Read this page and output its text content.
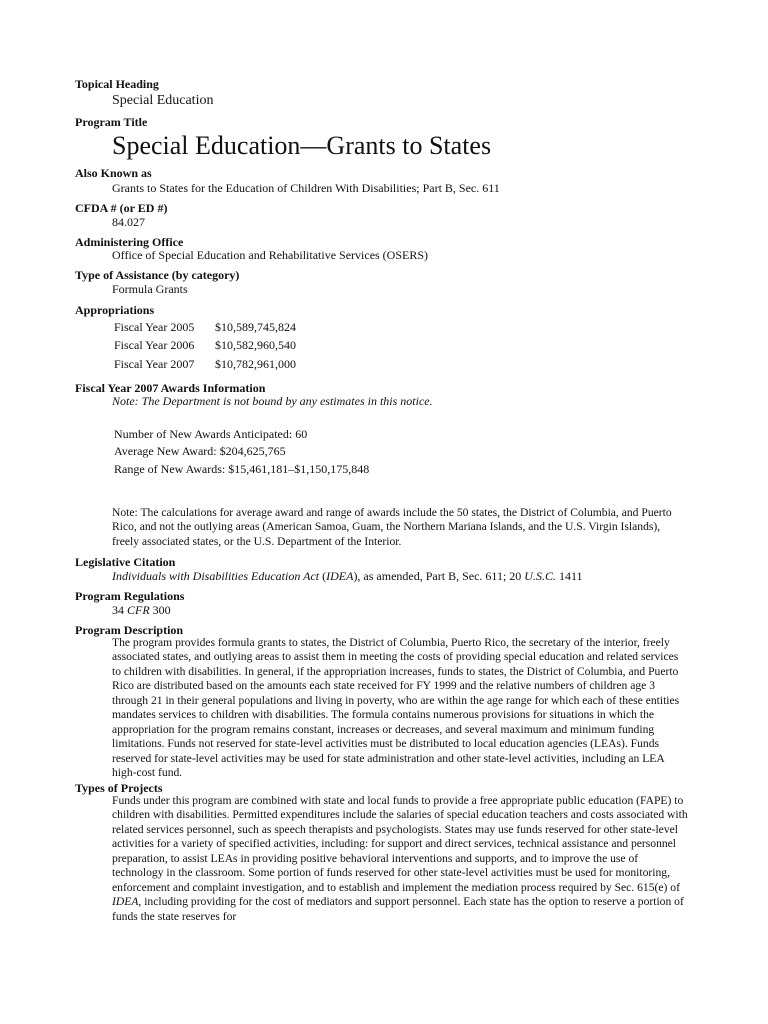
Topical Heading
Special Education
Program Title
Special Education—Grants to States
Also Known as
Grants to States for the Education of Children With Disabilities; Part B, Sec. 611
CFDA # (or ED #)
84.027
Administering Office
Office of Special Education and Rehabilitative Services (OSERS)
Type of Assistance (by category)
Formula Grants
Appropriations
Fiscal Year 2005 $10,589,745,824
Fiscal Year 2006 $10,582,960,540
Fiscal Year 2007 $10,782,961,000
Fiscal Year 2007 Awards Information
Note: The Department is not bound by any estimates in this notice.
Number of New Awards Anticipated: 60
Average New Award: $204,625,765
Range of New Awards: $15,461,181–$1,150,175,848
Note: The calculations for average award and range of awards include the 50 states, the District of Columbia, and Puerto Rico, and not the outlying areas (American Samoa, Guam, the Northern Mariana Islands, and the U.S. Virgin Islands), freely associated states, or the U.S. Department of the Interior.
Legislative Citation
Individuals with Disabilities Education Act (IDEA), as amended, Part B, Sec. 611; 20 U.S.C. 1411
Program Regulations
34 CFR 300
Program Description
The program provides formula grants to states, the District of Columbia, Puerto Rico, the secretary of the interior, freely associated states, and outlying areas to assist them in meeting the costs of providing special education and related services to children with disabilities. In general, if the appropriation increases, funds to states, the District of Columbia, and Puerto Rico are distributed based on the amounts each state received for FY 1999 and the relative numbers of children age 3 through 21 in their general populations and living in poverty, who are within the age range for which each of these entities mandates services to children with disabilities. The formula contains numerous provisions for situations in which the appropriation for the program remains constant, increases or decreases, and several maximum and minimum funding limitations. Funds not reserved for state-level activities must be distributed to local education agencies (LEAs). Funds reserved for state-level activities may be used for state administration and other state-level activities, including an LEA high-cost fund.
Types of Projects
Funds under this program are combined with state and local funds to provide a free appropriate public education (FAPE) to children with disabilities. Permitted expenditures include the salaries of special education teachers and costs associated with related services personnel, such as speech therapists and psychologists. States may use funds reserved for other state-level activities for a variety of specified activities, including: for support and direct services, technical assistance and personnel preparation, to assist LEAs in providing positive behavioral interventions and supports, and to improve the use of technology in the classroom. Some portion of funds reserved for other state-level activities must be used for monitoring, enforcement and complaint investigation, and to establish and implement the mediation process required by Sec. 615(e) of IDEA, including providing for the cost of mediators and support personnel. Each state has the option to reserve a portion of funds the state reserves for
